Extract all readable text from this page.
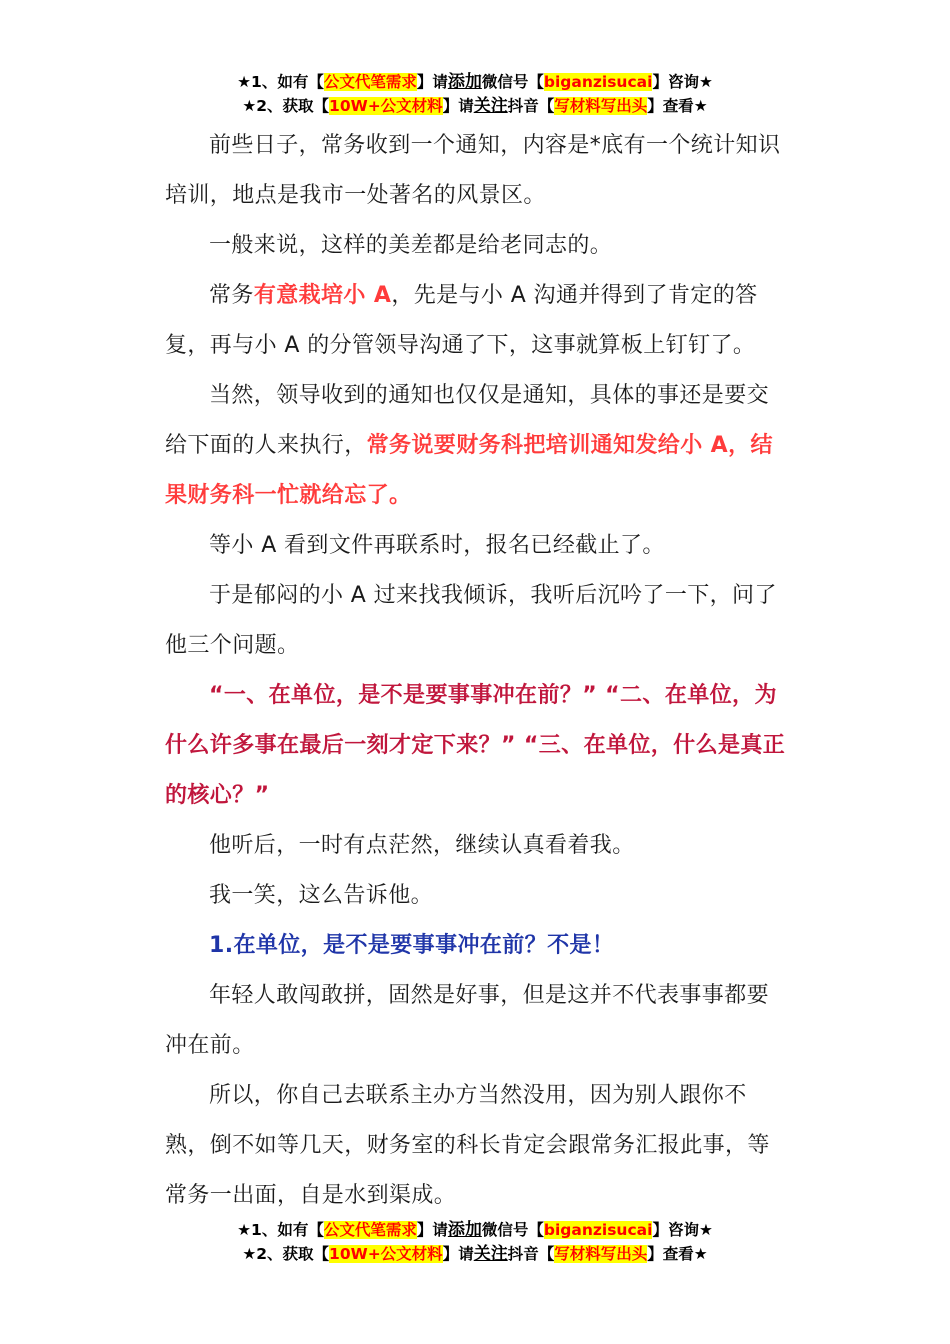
★1、如有【公文代笔需求】请添加微信号【biganzisucai】咨询★
★2、获取【10W+公文材料】请关注抖音【写材料写出头】查看★

前些日子，常务收到一个通知，内容是*底有一个统计知识培训，地点是我市一处著名的风景区。

一般来说，这样的美差都是给老同志的。

常务有意栽培小 A，先是与小 A 沟通并得到了肯定的答复，再与小 A 的分管领导沟通了下，这事就算板上钉钉了。

当然，领导收到的通知也仅仅是通知，具体的事还是要交给下面的人来执行，常务说要财务科把培训通知发给小 A，结果财务科一忙就给忘了。

等小 A 看到文件再联系时，报名已经截止了。

于是郁闷的小 A 过来找我倾诉，我听后沉吟了一下，问了他三个问题。

“一、在单位，是不是要事事冲在前？” “二、在单位，为什么许多事在最后一刻才定下来？” “三、在单位，什么是真正的核心？”

他听后，一时有点茫然，继续认真看着我。

我一笑，这么告诉他。

1.在单位，是不是要事事冲在前？不是！

年轻人敢闯敢拼，固然是好事，但是这并不代表事事都要冲在前。

所以，你自己去联系主办方当然没用，因为别人跟你不熟，倒不如等几天，财务室的科长肯定会跟常务汇报此事，等常务一出面，自是水到渠成。

★1、如有【公文代笔需求】请添加微信号【biganzisucai】咨询★
★2、获取【10W+公文材料】请关注抖音【写材料写出头】查看★
